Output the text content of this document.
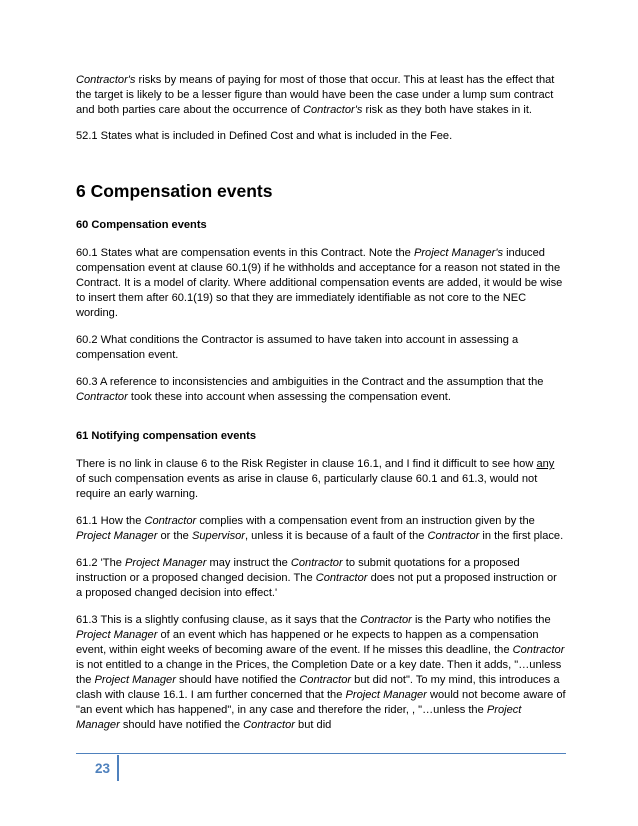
Contractor's risks by means of paying for most of those that occur. This at least has the effect that the target is likely to be a lesser figure than would have been the case under a lump sum contract and both parties care about the occurrence of Contractor's risk as they both have stakes in it.

52.1 States what is included in Defined Cost and what is included in the Fee.

6 Compensation events
60 Compensation events

60.1 States what are compensation events in this Contract. Note the Project Manager's induced compensation event at clause 60.1(9) if he withholds and acceptance for a reason not stated in the Contract. It is a model of clarity. Where additional compensation events are added, it would be wise to insert them after 60.1(19) so that they are immediately identifiable as not core to the NEC wording.

60.2 What conditions the Contractor is assumed to have taken into account in assessing a compensation event.

60.3 A reference to inconsistencies and ambiguities in the Contract and the assumption that the Contractor took these into account when assessing the compensation event.

61 Notifying compensation events

There is no link in clause 6 to the Risk Register in clause 16.1, and I find it difficult to see how any of such compensation events as arise in clause 6, particularly clause 60.1 and 61.3, would not require an early warning.

61.1 How the Contractor complies with a compensation event from an instruction given by the Project Manager or the Supervisor, unless it is because of a fault of the Contractor in the first place.

61.2 'The Project Manager may instruct the Contractor to submit quotations for a proposed instruction or a proposed changed decision. The Contractor does not put a proposed instruction or a proposed changed decision into effect.'

61.3 This is a slightly confusing clause, as it says that the Contractor is the Party who notifies the Project Manager of an event which has happened or he expects to happen as a compensation event, within eight weeks of becoming aware of the event. If he misses this deadline, the Contractor is not entitled to a change in the Prices, the Completion Date or a key date. Then it adds, "…unless the Project Manager should have notified the Contractor but did not". To my mind, this introduces a clash with clause 16.1. I am further concerned that the Project Manager would not become aware of "an event which has happened", in any case and therefore the rider, , "…unless the Project Manager should have notified the Contractor but did

23
